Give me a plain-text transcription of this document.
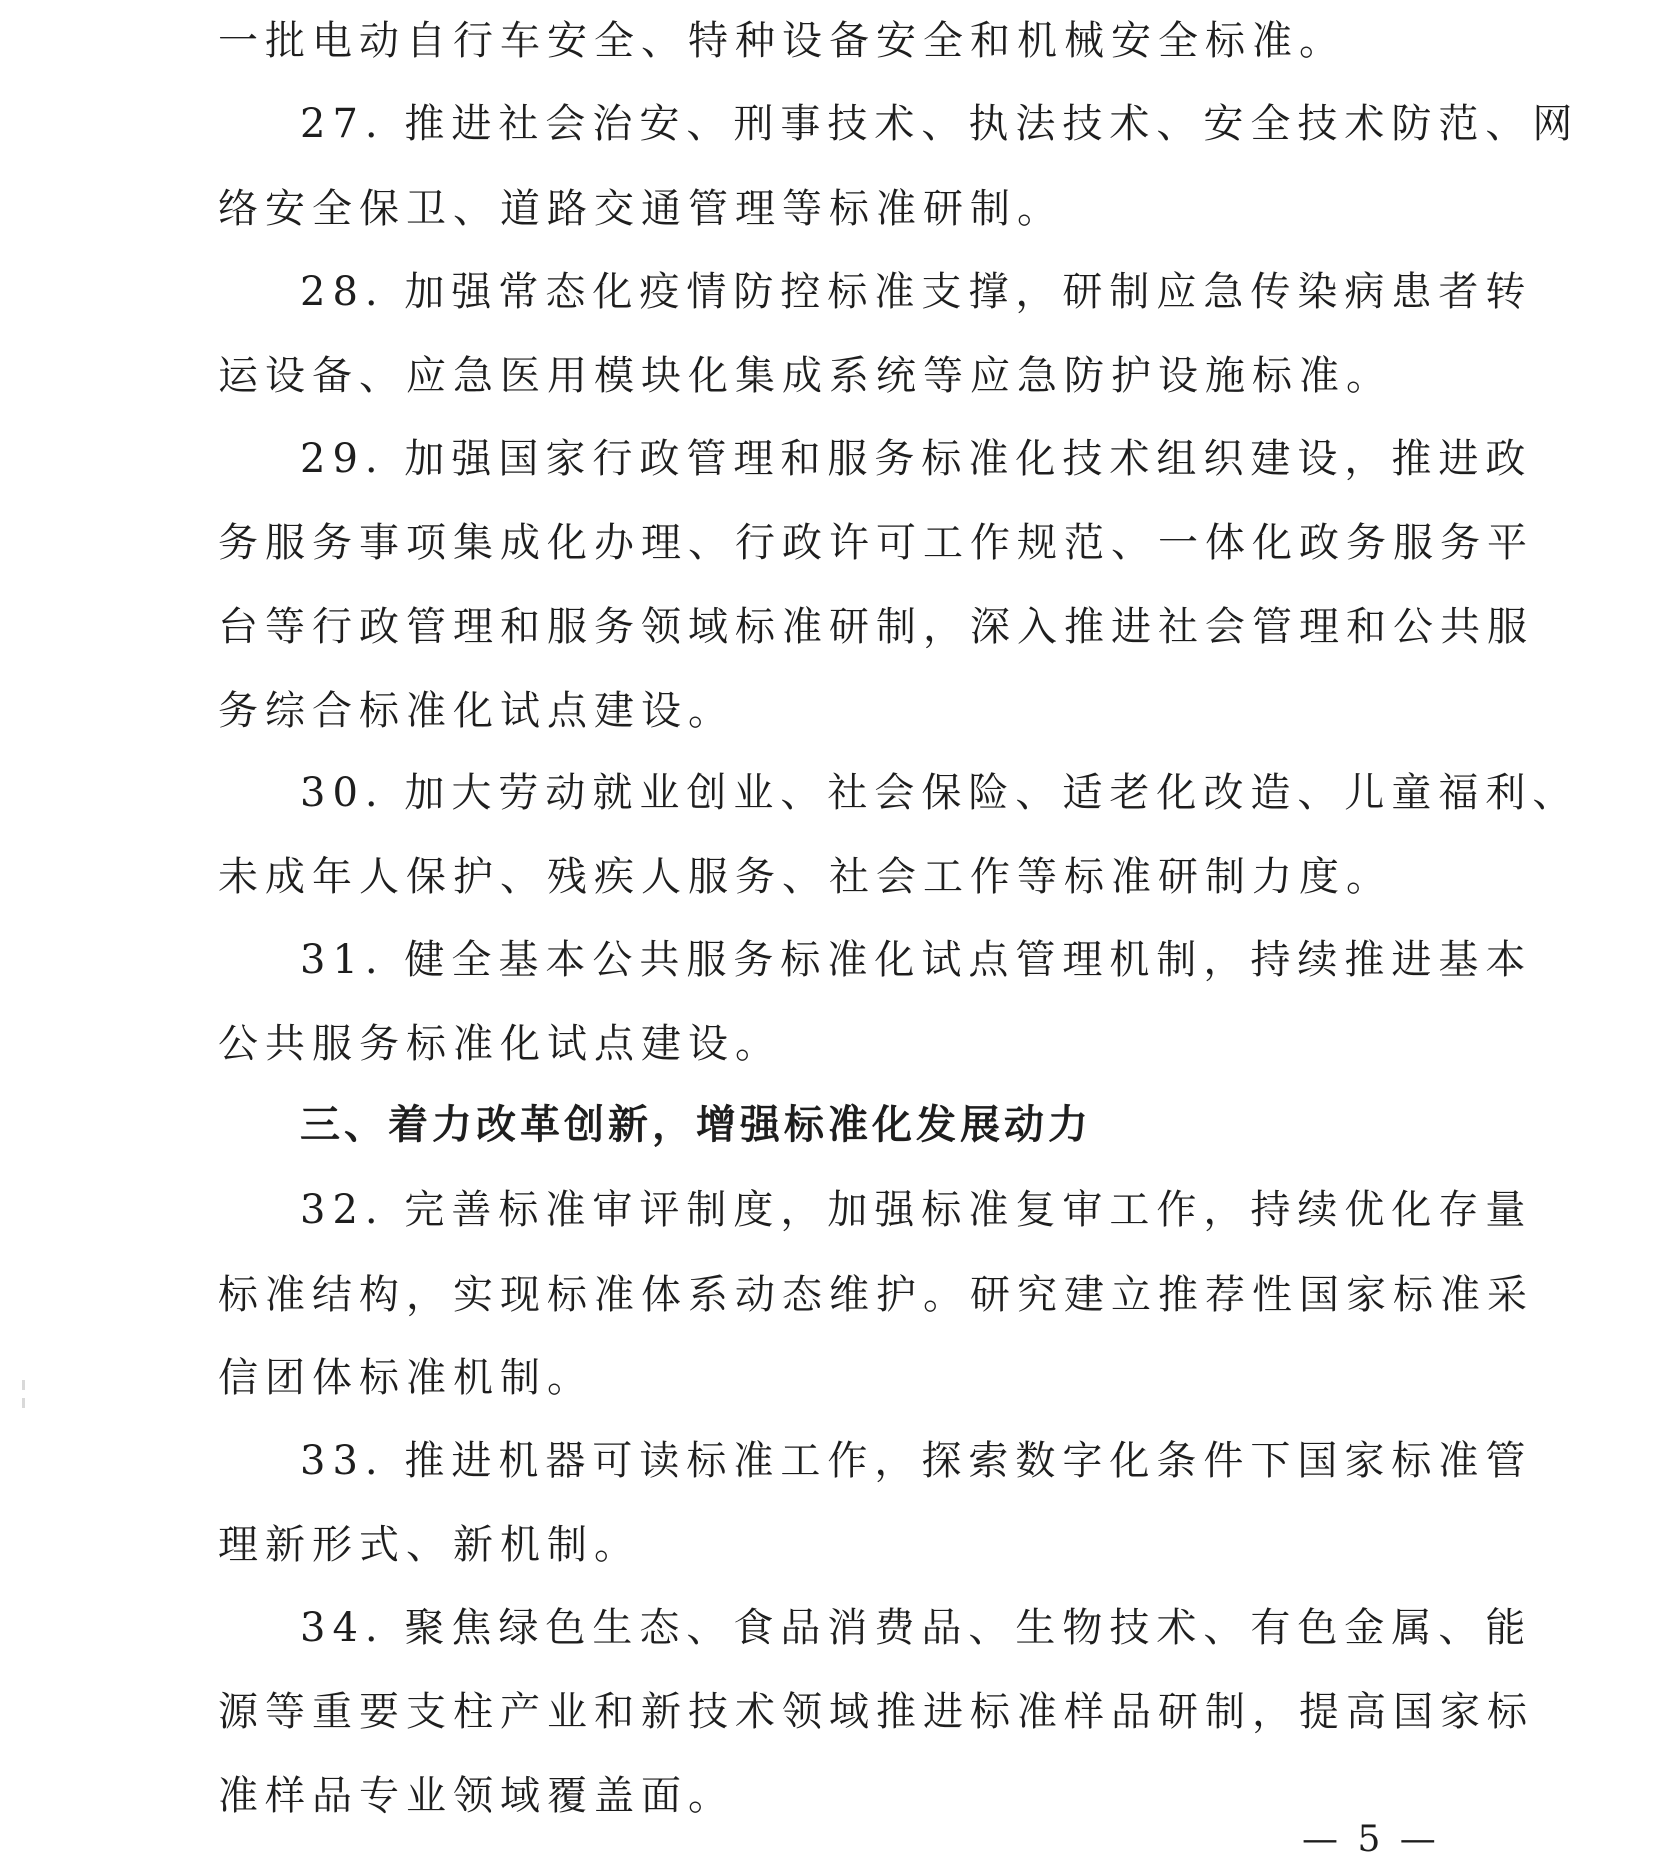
一批电动自行车安全、特种设备安全和机械安全标准。
27. 推进社会治安、刑事技术、执法技术、安全技术防范、网
络安全保卫、道路交通管理等标准研制。
28. 加强常态化疫情防控标准支撑，研制应急传染病患者转
运设备、应急医用模块化集成系统等应急防护设施标准。
29. 加强国家行政管理和服务标准化技术组织建设，推进政
务服务事项集成化办理、行政许可工作规范、一体化政务服务平
台等行政管理和服务领域标准研制，深入推进社会管理和公共服
务综合标准化试点建设。
30. 加大劳动就业创业、社会保险、适老化改造、儿童福利、
未成年人保护、残疾人服务、社会工作等标准研制力度。
31. 健全基本公共服务标准化试点管理机制，持续推进基本
公共服务标准化试点建设。
三、着力改革创新，增强标准化发展动力
32. 完善标准审评制度，加强标准复审工作，持续优化存量
标准结构，实现标准体系动态维护。研究建立推荐性国家标准采
信团体标准机制。
33. 推进机器可读标准工作，探索数字化条件下国家标准管
理新形式、新机制。
34. 聚焦绿色生态、食品消费品、生物技术、有色金属、能
源等重要支柱产业和新技术领域推进标准样品研制，提高国家标
准样品专业领域覆盖面。
— 5 —
